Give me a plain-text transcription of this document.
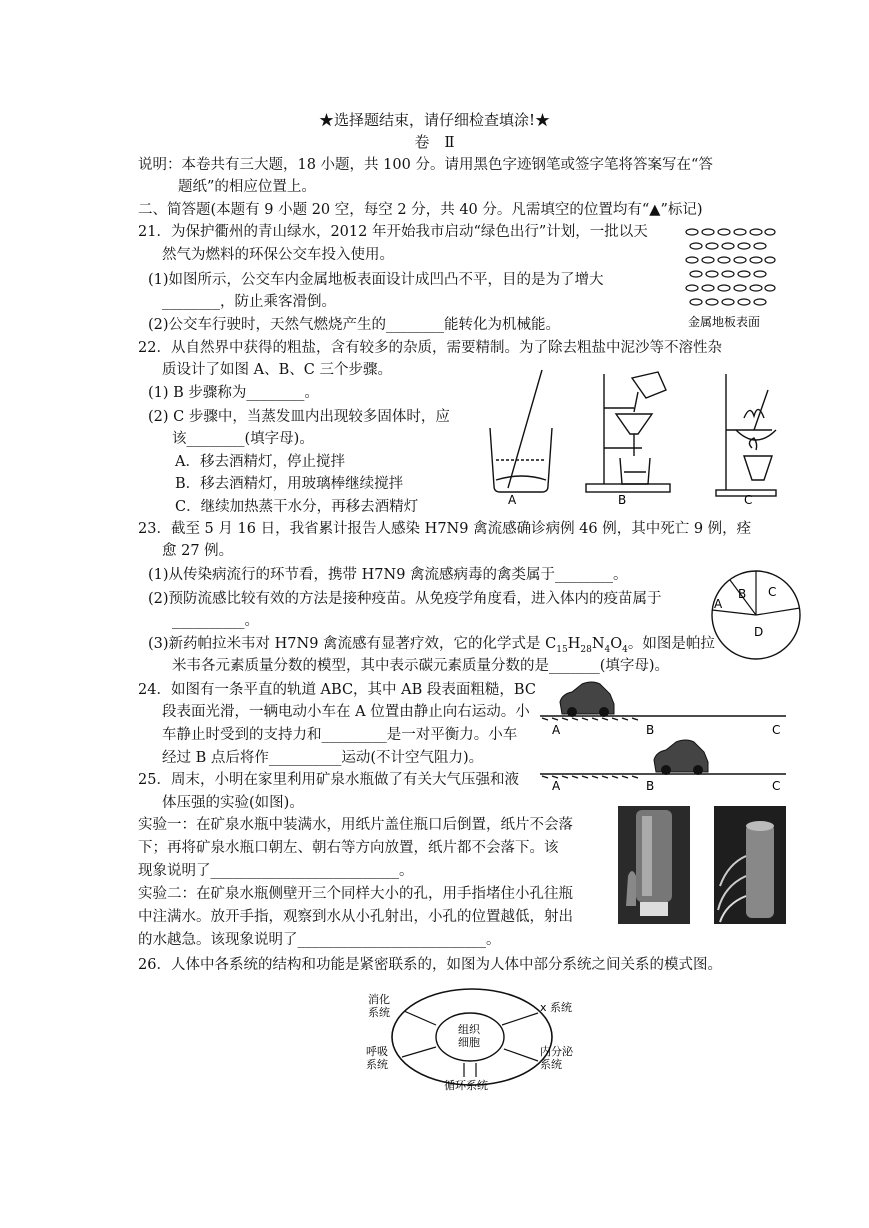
★选择题结束，请仔细检查填涂!★
卷　Ⅱ
说明：本卷共有三大题，18 小题，共 100 分。请用黑色字迹钢笔或签字笔将答案写在“答
题纸”的相应位置上。
二、简答题(本题有 9 小题 20 空，每空 2 分，共 40 分。凡需填空的位置均有“▲”标记)
21．为保护衢州的青山绿水，2012 年开始我市启动“绿色出行”计划，一批以天
然气为燃料的环保公交车投入使用。
(1)如图所示，公交车内金属地板表面设计成凹凸不平，目的是为了增大
________，防止乘客滑倒。
(2)公交车行驶时，天然气燃烧产生的________能转化为机械能。	金属地板表面
22．从自然界中获得的粗盐，含有较多的杂质，需要精制。为了除去粗盐中泥沙等不溶性杂
质设计了如图 A、B、C 三个步骤。
(1) B 步骤称为________。
(2) C 步骤中，当蒸发皿内出现较多固体时，应
该________(填字母)。
A．移去酒精灯，停止搅拌
B．移去酒精灯，用玻璃棒继续搅拌
C．继续加热蒸干水分，再移去酒精灯	A	B	C
23．截至 5 月 16 日，我省累计报告人感染 H7N9 禽流感确诊病例 46 例，其中死亡 9 例，痊
愈 27 例。
(1)从传染病流行的环节看，携带 H7N9 禽流感病毒的禽类属于________。
(2)预防流感比较有效的方法是接种疫苗。从免疫学角度看，进入体内的疫苗属于
__________。
(3)新药帕拉米韦对 H7N9 禽流感有显著疗效，它的化学式是 $C_{15}H_{28}N_4O_4$。如图是帕拉
米韦各元素质量分数的模型，其中表示碳元素质量分数的是_______(填字母)。
A
B C
D
24．如图有一条平直的轨道 ABC，其中 AB 段表面粗糙，BC
段表面光滑，一辆电动小车在 A 位置由静止向右运动。小
车静止时受到的支持力和_________是一对平衡力。小车
经过 B 点后将作__________运动(不计空气阻力)。
A	B	C
A	B	C
25．周末，小明在家里利用矿泉水瓶做了有关大气压强和液
体压强的实验(如图)。
实验一：在矿泉水瓶中装满水，用纸片盖住瓶口后倒置，纸片不会落
下；再将矿泉水瓶口朝左、朝右等方向放置，纸片都不会落下。该
现象说明了__________________________。
实验二：在矿泉水瓶侧壁开三个同样大小的孔，用手指堵住小孔往瓶
中注满水。放开手指，观察到水从小孔射出，小孔的位置越低，射出
的水越急。该现象说明了__________________________。
26．人体中各系统的结构和功能是紧密联系的，如图为人体中部分系统之间关系的模式图。
消化
系统	x 系统
组织
细胞
呼吸
系统
内分泌
系统
循环系统
